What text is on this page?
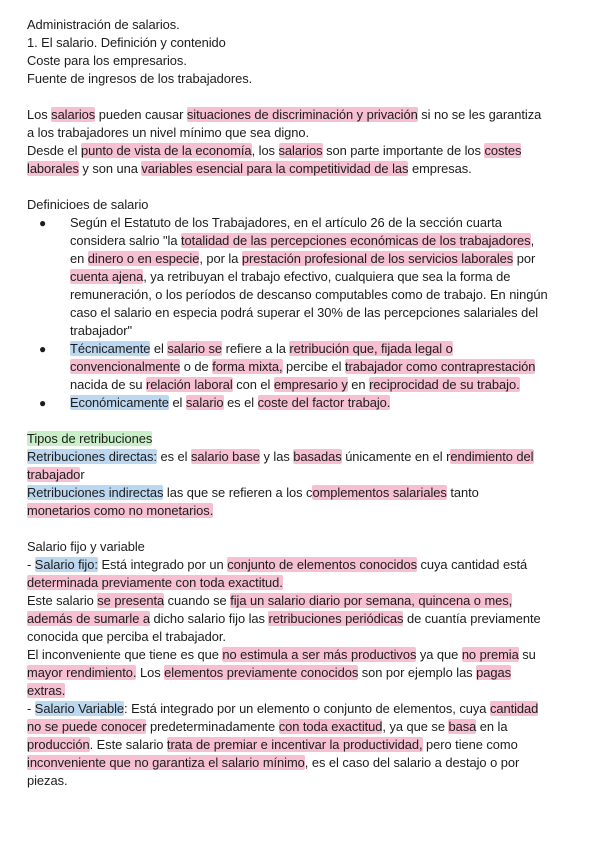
Administración de salarios.
1. El salario. Definición y contenido
Coste para los empresarios.
Fuente de ingresos de los trabajadores.
Los salarios pueden causar situaciones de discriminación y privación si no se les garantiza
a los trabajadores un nivel mínimo que sea digno.
Desde el punto de vista de la economía, los salarios son parte importante de los costes
laborales y son una variables esencial para la competitividad de las empresas.
Definicioes de salario
● Según el Estatuto de los Trabajadores, en el artículo 26 de la sección cuarta
considera salrio "la totalidad de las percepciones económicas de los trabajadores,
en dinero o en especie, por la prestación profesional de los servicios laborales por
cuenta ajena, ya retribuyan el trabajo efectivo, cualquiera que sea la forma de
remuneración, o los períodos de descanso computables como de trabajo. En ningún
caso el salario en especia podrá superar el 30% de las percepciones salariales del
trabajador"
● Técnicamente el salario se refiere a la retribución que, fijada legal o
convencionalmente o de forma mixta, percibe el trabajador como contraprestación
nacida de su relación laboral con el empresario y en reciprocidad de su trabajo.
● Económicamente el salario es el coste del factor trabajo.
Tipos de retribuciones
Retribuciones directas: es el salario base y las basadas únicamente en el rendimiento del
trabajador
Retribuciones indirectas las que se refieren a los complementos salariales tanto
monetarios como no monetarios.
Salario fijo y variable
- Salario fijo: Está integrado por un conjunto de elementos conocidos cuya cantidad está
determinada previamente con toda exactitud.
Este salario se presenta cuando se fija un salario diario por semana, quincena o mes,
además de sumarle a dicho salario fijo las retribuciones periódicas de cuantía previamente
conocida que perciba el trabajador.
El inconveniente que tiene es que no estimula a ser más productivos ya que no premia su
mayor rendimiento. Los elementos previamente conocidos son por ejemplo las pagas
extras.
- Salario Variable: Está integrado por un elemento o conjunto de elementos, cuya cantidad
no se puede conocer predeterminadamente con toda exactitud, ya que se basa en la
producción. Este salario trata de premiar e incentivar la productividad, pero tiene como
inconveniente que no garantiza el salario mínimo, es el caso del salario a destajo o por
piezas.
